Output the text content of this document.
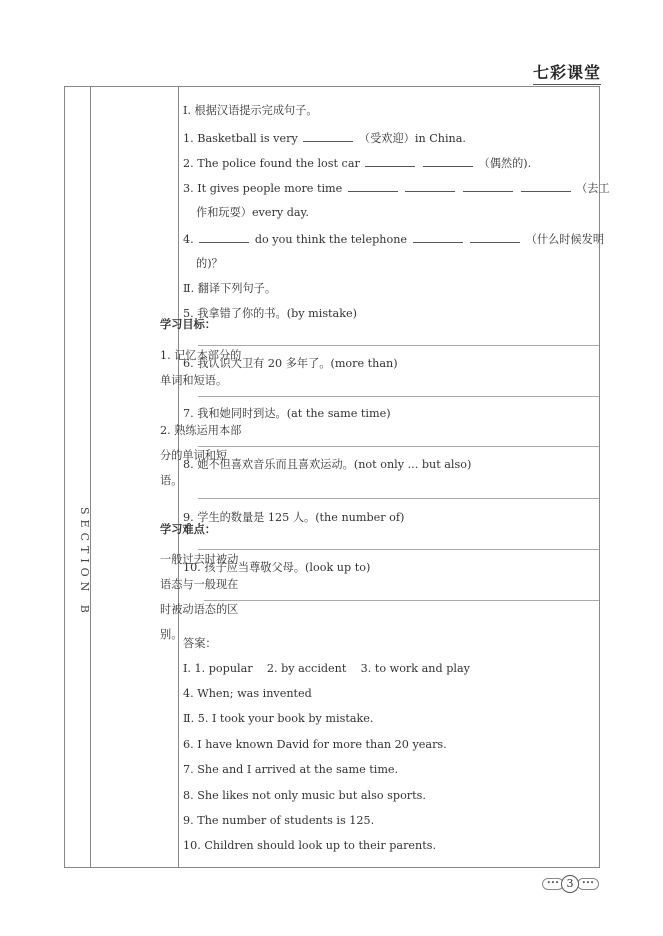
七彩课堂
SECTION B
学习目标：
1. 记忆本部分的单词和短语。
2. 熟练运用本部分的单词和短语。
学习难点：
一般过去时被动语态与一般现在时被动语态的区别。
Ⅰ. 根据汉语提示完成句子。
1. Basketball is very	（受欢迎）in China.
2. The police found the lost car	（偶然的).
3. It gives people more time	（去工
作和玩耍）every day.
4.	do you think the telephone	（什么时候发明
的)？
Ⅱ. 翻译下列句子。
5. 我拿错了你的书。(by mistake)
6. 我认识大卫有 20 多年了。(more than)
7. 我和她同时到达。(at the same time)
8. 她不但喜欢音乐而且喜欢运动。(not only ... but also)
9. 学生的数量是 125 人。(the number of)
10. 孩子应当尊敬父母。(look up to)
答案：
Ⅰ. 1. popular    2. by accident    3. to work and play
4. When; was invented
Ⅱ. 5. I took your book by mistake.
6. I have known David for more than 20 years.
7. She and I arrived at the same time.
8. She likes not only music but also sports.
9. The number of students is 125.
10. Children should look up to their parents.
•••	•••
3
